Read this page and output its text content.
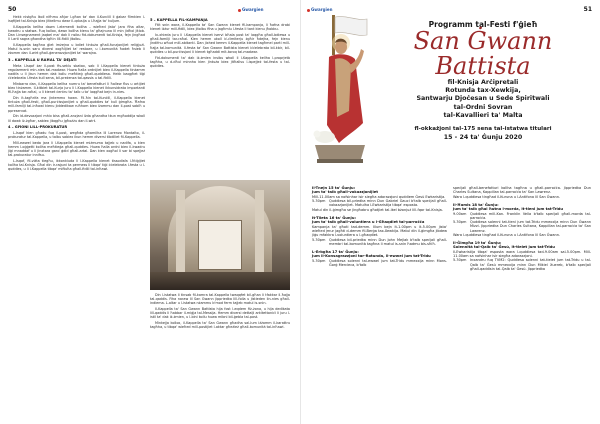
50	Gwargien

Hekk nistgħu lkoll nifhmu aħjar l-għan ta' dan il-Kunċill li ġabar flimkien l-isqfijiet tal-Knisja biex jitkellmu dwar il-qdusija u l-ħajja ta' kuljum.

Il-Kappella kellha dawn l-elementi kollha – wieħed jista' jara fiha altar, kwadru u statwa. Fuq kollox, dawn kollha kienu ta' għajnuna lil min jidħol jitlob. Dan l-insegnament jaqbel ma' dak li nsibu fid-dokumenti tal-Knisja, fejn jingħad li l-arti sagra għandha tgħin lill-fidili jitolbu.

Il-Kappella tagħna ġiet imżejna u bdiet tintuża għall-funzjonijiet reliġjużi. Matul is-snin saru diversi xogħlijiet ta' restawr, u l-komunità ħadet ħsieb li żżomm dan il-wirt għall-ġenerazzjonijiet ta' warajna.

3 – KAPPELLA U RAĦAL TA' DEJATI

Meta l-Isqof żar il-post fis-seklu sbatax, sab li l-Kappella kienet tintuża regolarment min-nies tal-madwar. Huwa ħalla ordnijiet biex il-Kappella tinżamm nadifa u li jkun hemm dak kollu meħtieġ għall-quddiesa. Hekk baqgħet tiġi ċċelebrata l-festa kull sena, bil-preżenza tal-qassis u tal-fidili.

Minbarra dan, il-Kappella kellha numru ta' benefatturi li ħallew flus u artijiet biex tinżamm. Il-kitbiet tal-Kurja juru li l-Kappella kienet ikkunsidrata importanti fil-ħajja tar-raħal, u li kienet ċentru ta' talb u ta' laqgħat bejn in-nies.

Din it-tagħrifa ma jintemmx hawn. Fil-ħin tal-Kunċill, il-Kappella kienet tintuża għall-festi, għall-purċissjonijiet u għall-quddies ta' kull ġimgħa. Ħafna mill-familji tal-inħawi kienu jiddedikaw ruħhom biex iżommu dan il-post sabiħ u ppreservat.

Din id-devozzjoni mhix biss għall-anzjani iżda għandha tkun mgħoddija wkoll lil dawk iż-żgħar, sabiex jibqgħu jgħożżu dan il-wirt.

4 – GĦONI LILL-PROKURATUR

L-Isqof kien għadu fuq il-post, wegħda għamilha lil Lorenzo Montalto, il-prokuratur tal-Kappella, u talbu sabiex ikun hemm diversi tibdiliet fil-Kappella.

Mill-ewwel beda jara li l-Kappella kienet miżmuma tajjeb u nadifa, u kien hemm l-oġġetti kollha meħtieġa għall-quddies. Huwa ħalla ordni biex il-kwadru jiġi mnaddaf u li jinxtara ganċ ġdid għall-artal. Dan kien xogħol li sar bi spejjeż tal-prokuratur innifsu.

L-Isqof, fil-viżta tiegħu, ikkonkluda li l-Kappella kienet tissodisfa l-ħtiġijiet kollha tal-Knisja. Għal din ir-raġuni ta permess li tibqa' tiġi ċċelebrata l-festa u l-quddies, u li l-Kappella tibqa' miftuħa għall-fidili tal-inħawi.

5 – KAPPELLA FIL-KAMPANJA

Ftit snin wara, il-Kappella ta' San Gwann kienet fil-kampanja, li ħafna drabi kienet iżżur mill-fidili, biex jitolbu fiha u jagħmlu l-festa li tant kienu jħobbu.

Ix-xhieda juru li l-Kappella kienet iservi bħala post ta' laqgħa għall-bdiewa u għall-familji tar-raħal. Kien hemm ukoll iċ-ċimiterju żgħir ħdejha, fejn kienu jindifnu wħud mill-abitanti. Dan jixhed kemm il-Kappella kienet tagħmel parti mill-ħajja tal-komunità. Il-festa ta' San Gwann Battista kienet iċċelebrata bil-kbir, bil-quddies u bil-purċissjoni li kienet tgħaddi mit-toroq tal-madwar.

Fid-dokumenti ta' dak iż-żmien insibu wkoll li l-Kappella kellha l-proprjetà tagħha, u d-dħul minnha kien jintuża biex jitħallsu l-ispejjeż tal-festa u tal-quddies.

Din l-istatwa li tinsab fil-kamra tal-Kappella twaqqfet bil-għan li tfakkar il-ħajja tal-qaddis. Fiha naraw lil San Gwann jippriedka lill-folla u jistieden lin-nies għall-indiema. L-altar u l-istatwa nżammu b'mod ferm tajjeb matul is-snin.

Il-Kappella ta' San Gwann Battista hija fost l-eqdem fiż-żona, u hija dedikata lill-qaddis li ħabbar il-miġja tal-Messija. Hemm diversi dettalji arkitettoniċi li juru l-istil ta' dak iż-żmien, u l-bini kollu huwa mibni bil-ġebla tal-post.

Minkejja kollox, il-Kappella ta' San Gwann għadha sal-lum iżżomm il-karattru tagħha, u tibqa' wieħed mill-postijiet l-aktar għeżież għall-komunità tal-inħawi.

51
Gwargien
Programm tal-Festi f'ġieħ
San Ġwann
Battista
fil-Knisja Arċipretali
Rotunda tax-Xewkija,
Santwarju Djoċesan u Sede Spiritwali
tal-Ordni Sovran
tal-Kavallieri ta' Malta
fl-okkażjoni tal-175 sena tal-istatwa titulari
15 - 24 ta' Ġunju 2020
Il-Tnejn 15 ta' Ġunju:
Jum ta' talb għall-vokazzjonijiet
Mill-11.00am sa nofsinhar isir siegħa adorazzjoni quddiem Ġesù Ewkaristija.
5.30pm	Quddiesa bil-priedka minn Dun Gabriel Gauci b'talb speċjali għall-vokazzjonijiet. Matulha l-Ewkaristija tibqa' esposta.
Matul din il-ġimgħa se jingħabru għotjiet tal-ikel bżonjuż lill-fqar tal-Knisja.
It-Tlieta 16 ta' Ġunju:
Jum ta' talb għall-voluntiera u l-Għaqdiet tal-parroċċa
Kampanja ta' għoti tad-demm. Illum bejn it-1.00pm u it-5.00pm jista' wieħed jmur jagħti d-demm fil-Berġa tax-Xewkija. Matul din il-ġimgħa jibdew jiġu mfakkra l-voluntiera u l-għaqdiet.
5.30pm	Quddiesa bil-priedka minn Dun John Mejlak b'talb speċjali għall-membri tal-komunità tagħna li matul is-snin ħadmu bis-sħiħ.
L-Erbgħa 17 ta' Ġunju:
Jum il-Konsagrazzjoni tar-Rotunda, il-ewwel jum tat-Tridu
5.30pm	Quddiesa solenni tal-ewwel jum tat-Tridu mmexxija minn Mons. Ġorġ Mercieca, b'talb
speċjali għall-benefatturi kollha tagħna u għall-parroċċa. Jippriedka Dun Charles Sultana, Kappillan tal-parroċċa ta' San Lawrenz.
Wara l-quddiesa tingħad il-Kuruna u l-Antifona lil San Ġwann.
Il-Ħamis 18 ta' Ġunju:
Jum ta' talb għal ħutna l-morda, it-tieni jum tat-Tridu
9.00am	Quddiesa mill-Kan. Franklin Vella b'talb speċjali għall-morda tal-parroċċa.
5.30pm	Quddiesa solenni tat-tieni jum tat-Tridu mmexxija minn Dun Ġwann Mizzi. Jippriedka Dun Charles Sultana, Kappillan tal-parroċċa ta' San Lawrenz.
Wara l-quddiesa tingħad il-Kuruna u l-Antifona lil San Ġwann.
Il-Ġimgħa 19 ta' Ġunju:
Solennità tal-Qalb ta' Ġesù, it-tielet jum tat-Tridu
Il-Ewkaristija tibqa' esposta wara l-quddiesa tad-9.00am sal-5.00pm. Mill-11.00am sa nofsinhar isir siegħa adorazzjoni.
5.30pm	Inxandru fuq TVM2: Quddiesa solenni tat-tielet jum tat-Tridu u tal-Qalb ta' Ġesù mmexxija minn Dun Mikiel Xuereb, b'talb speċjali għall-qaddisin tal-Qalb ta' Ġesù. Jippriedka
